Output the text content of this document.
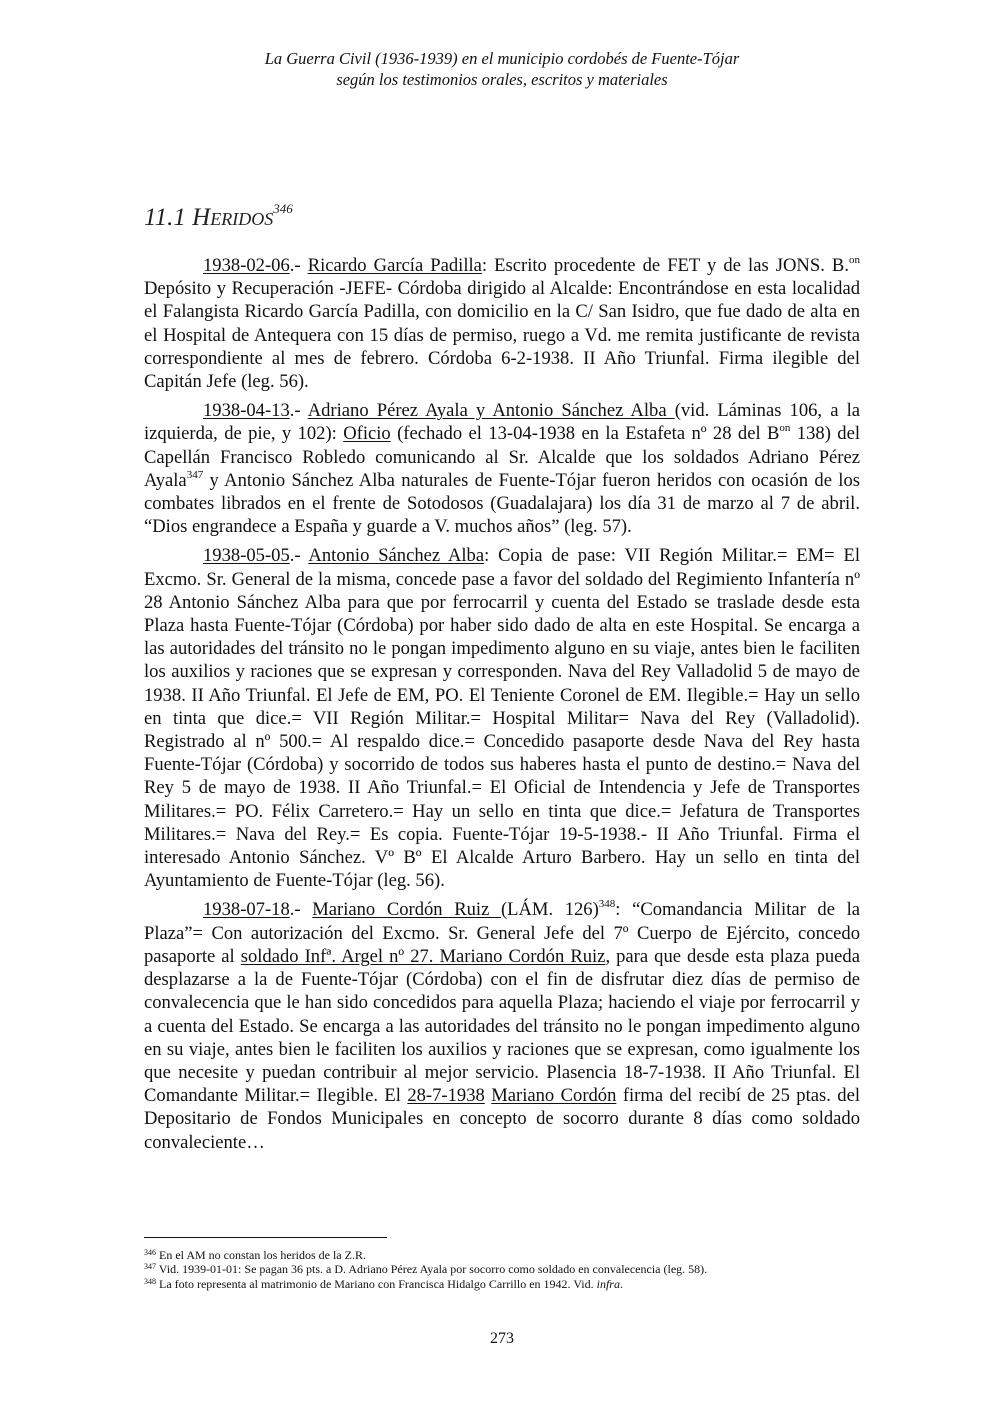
La Guerra Civil (1936-1939) en el municipio cordobés de Fuente-Tójar
según los testimonios orales, escritos y materiales
11.1 Heridos$^{346}$

1938-02-06.- Ricardo García Padilla: Escrito procedente de FET y de las JONS. B.$^{on}$ Depósito y Recuperación -JEFE- Córdoba dirigido al Alcalde: Encontrándose en esta localidad el Falangista Ricardo García Padilla, con domicilio en la C/ San Isidro, que fue dado de alta en el Hospital de Antequera con 15 días de permiso, ruego a Vd. me remita justificante de revista correspondiente al mes de febrero. Córdoba 6-2-1938. II Año Triunfal. Firma ilegible del Capitán Jefe (leg. 56).

1938-04-13.- Adriano Pérez Ayala y Antonio Sánchez Alba (vid. Láminas 106, a la izquierda, de pie, y 102): Oficio (fechado el 13-04-1938 en la Estafeta nº 28 del $B^{on}$ 138) del Capellán Francisco Robledo comunicando al Sr. Alcalde que los soldados Adriano Pérez Ayala$^{347}$ y Antonio Sánchez Alba naturales de Fuente-Tójar fueron heridos con ocasión de los combates librados en el frente de Sotodosos (Guadalajara) los día 31 de marzo al 7 de abril. “Dios engrandece a España y guarde a V. muchos años” (leg. 57).

1938-05-05.- Antonio Sánchez Alba: Copia de pase: VII Región Militar.= EM= El Excmo. Sr. General de la misma, concede pase a favor del soldado del Regimiento Infantería nº 28 Antonio Sánchez Alba para que por ferrocarril y cuenta del Estado se traslade desde esta Plaza hasta Fuente-Tójar (Córdoba) por haber sido dado de alta en este Hospital. Se encarga a las autoridades del tránsito no le pongan impedimento alguno en su viaje, antes bien le faciliten los auxilios y raciones que se expresan y corresponden. Nava del Rey Valladolid 5 de mayo de 1938. II Año Triunfal. El Jefe de EM, PO. El Teniente Coronel de EM. Ilegible.= Hay un sello en tinta que dice.= VII Región Militar.= Hospital Militar= Nava del Rey (Valladolid). Registrado al nº 500.= Al respaldo dice.= Concedido pasaporte desde Nava del Rey hasta Fuente-Tójar (Córdoba) y socorrido de todos sus haberes hasta el punto de destino.= Nava del Rey 5 de mayo de 1938. II Año Triunfal.= El Oficial de Intendencia y Jefe de Transportes Militares.= PO. Félix Carretero.= Hay un sello en tinta que dice.= Jefatura de Transportes Militares.= Nava del Rey.= Es copia. Fuente-Tójar 19-5-1938.- II Año Triunfal. Firma el interesado Antonio Sánchez. Vº Bº El Alcalde Arturo Barbero. Hay un sello en tinta del Ayuntamiento de Fuente-Tójar (leg. 56).

1938-07-18.- Mariano Cordón Ruiz (LÁM. 126)$^{348}$: “Comandancia Militar de la Plaza”= Con autorización del Excmo. Sr. General Jefe del 7º Cuerpo de Ejército, concedo pasaporte al soldado Infª. Argel nº 27. Mariano Cordón Ruiz, para que desde esta plaza pueda desplazarse a la de Fuente-Tójar (Córdoba) con el fin de disfrutar diez días de permiso de convalecencia que le han sido concedidos para aquella Plaza; haciendo el viaje por ferrocarril y a cuenta del Estado. Se encarga a las autoridades del tránsito no le pongan impedimento alguno en su viaje, antes bien le faciliten los auxilios y raciones que se expresan, como igualmente los que necesite y puedan contribuir al mejor servicio. Plasencia 18-7-1938. II Año Triunfal. El Comandante Militar.= Ilegible. El 28-7-1938 Mariano Cordón firma del recibí de 25 ptas. del Depositario de Fondos Municipales en concepto de socorro durante 8 días como soldado convaleciente…

$^{346}$ En el AM no constan los heridos de la Z.R.
$^{347}$ Vid. 1939-01-01: Se pagan 36 pts. a D. Adriano Pérez Ayala por socorro como soldado en convalecencia (leg. 58).
$^{348}$ La foto representa al matrimonio de Mariano con Francisca Hidalgo Carrillo en 1942. Vid. infra.
273
